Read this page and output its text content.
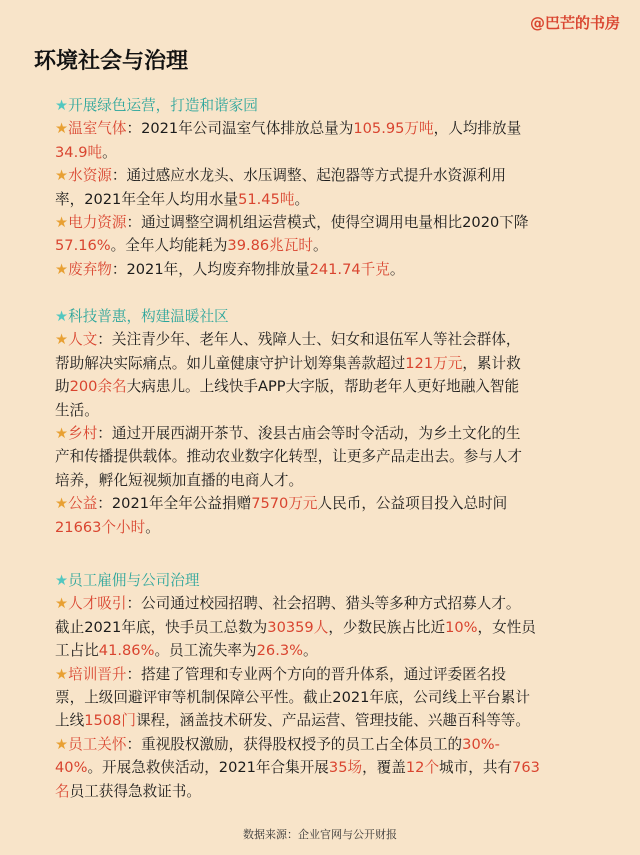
@巴芒的书房
环境社会与治理
★开展绿色运营，打造和谐家园
★温室气体：2021年公司温室气体排放总量为105.95万吨，人均排放量
34.9吨。
★水资源：通过感应水龙头、水压调整、起泡器等方式提升水资源利用
率，2021年全年人均用水量51.45吨。
★电力资源：通过调整空调机组运营模式，使得空调用电量相比2020下降
57.16%。全年人均能耗为39.86兆瓦时。
★废弃物：2021年，人均废弃物排放量241.74千克。
★科技普惠，构建温暖社区
★人文：关注青少年、老年人、残障人士、妇女和退伍军人等社会群体，
帮助解决实际痛点。如儿童健康守护计划筹集善款超过121万元，累计救
助200余名大病患儿。上线快手APP大字版，帮助老年人更好地融入智能
生活。
★乡村：通过开展西湖开茶节、浚县古庙会等时令活动，为乡土文化的生
产和传播提供载体。推动农业数字化转型，让更多产品走出去。参与人才
培养，孵化短视频加直播的电商人才。
★公益：2021年全年公益捐赠7570万元人民币，公益项目投入总时间
21663个小时。
★员工雇佣与公司治理
★人才吸引：公司通过校园招聘、社会招聘、猎头等多种方式招募人才。
截止2021年底，快手员工总数为30359人，少数民族占比近10%，女性员
工占比41.86%。员工流失率为26.3%。
★培训晋升：搭建了管理和专业两个方向的晋升体系，通过评委匿名投
票，上级回避评审等机制保障公平性。截止2021年底，公司线上平台累计
上线1508门课程，涵盖技术研发、产品运营、管理技能、兴趣百科等等。
★员工关怀：重视股权激励，获得股权授予的员工占全体员工的30%-
40%。开展急救侠活动，2021年合集开展35场，覆盖12个城市，共有763
名员工获得急救证书。
数据来源：企业官网与公开财报
